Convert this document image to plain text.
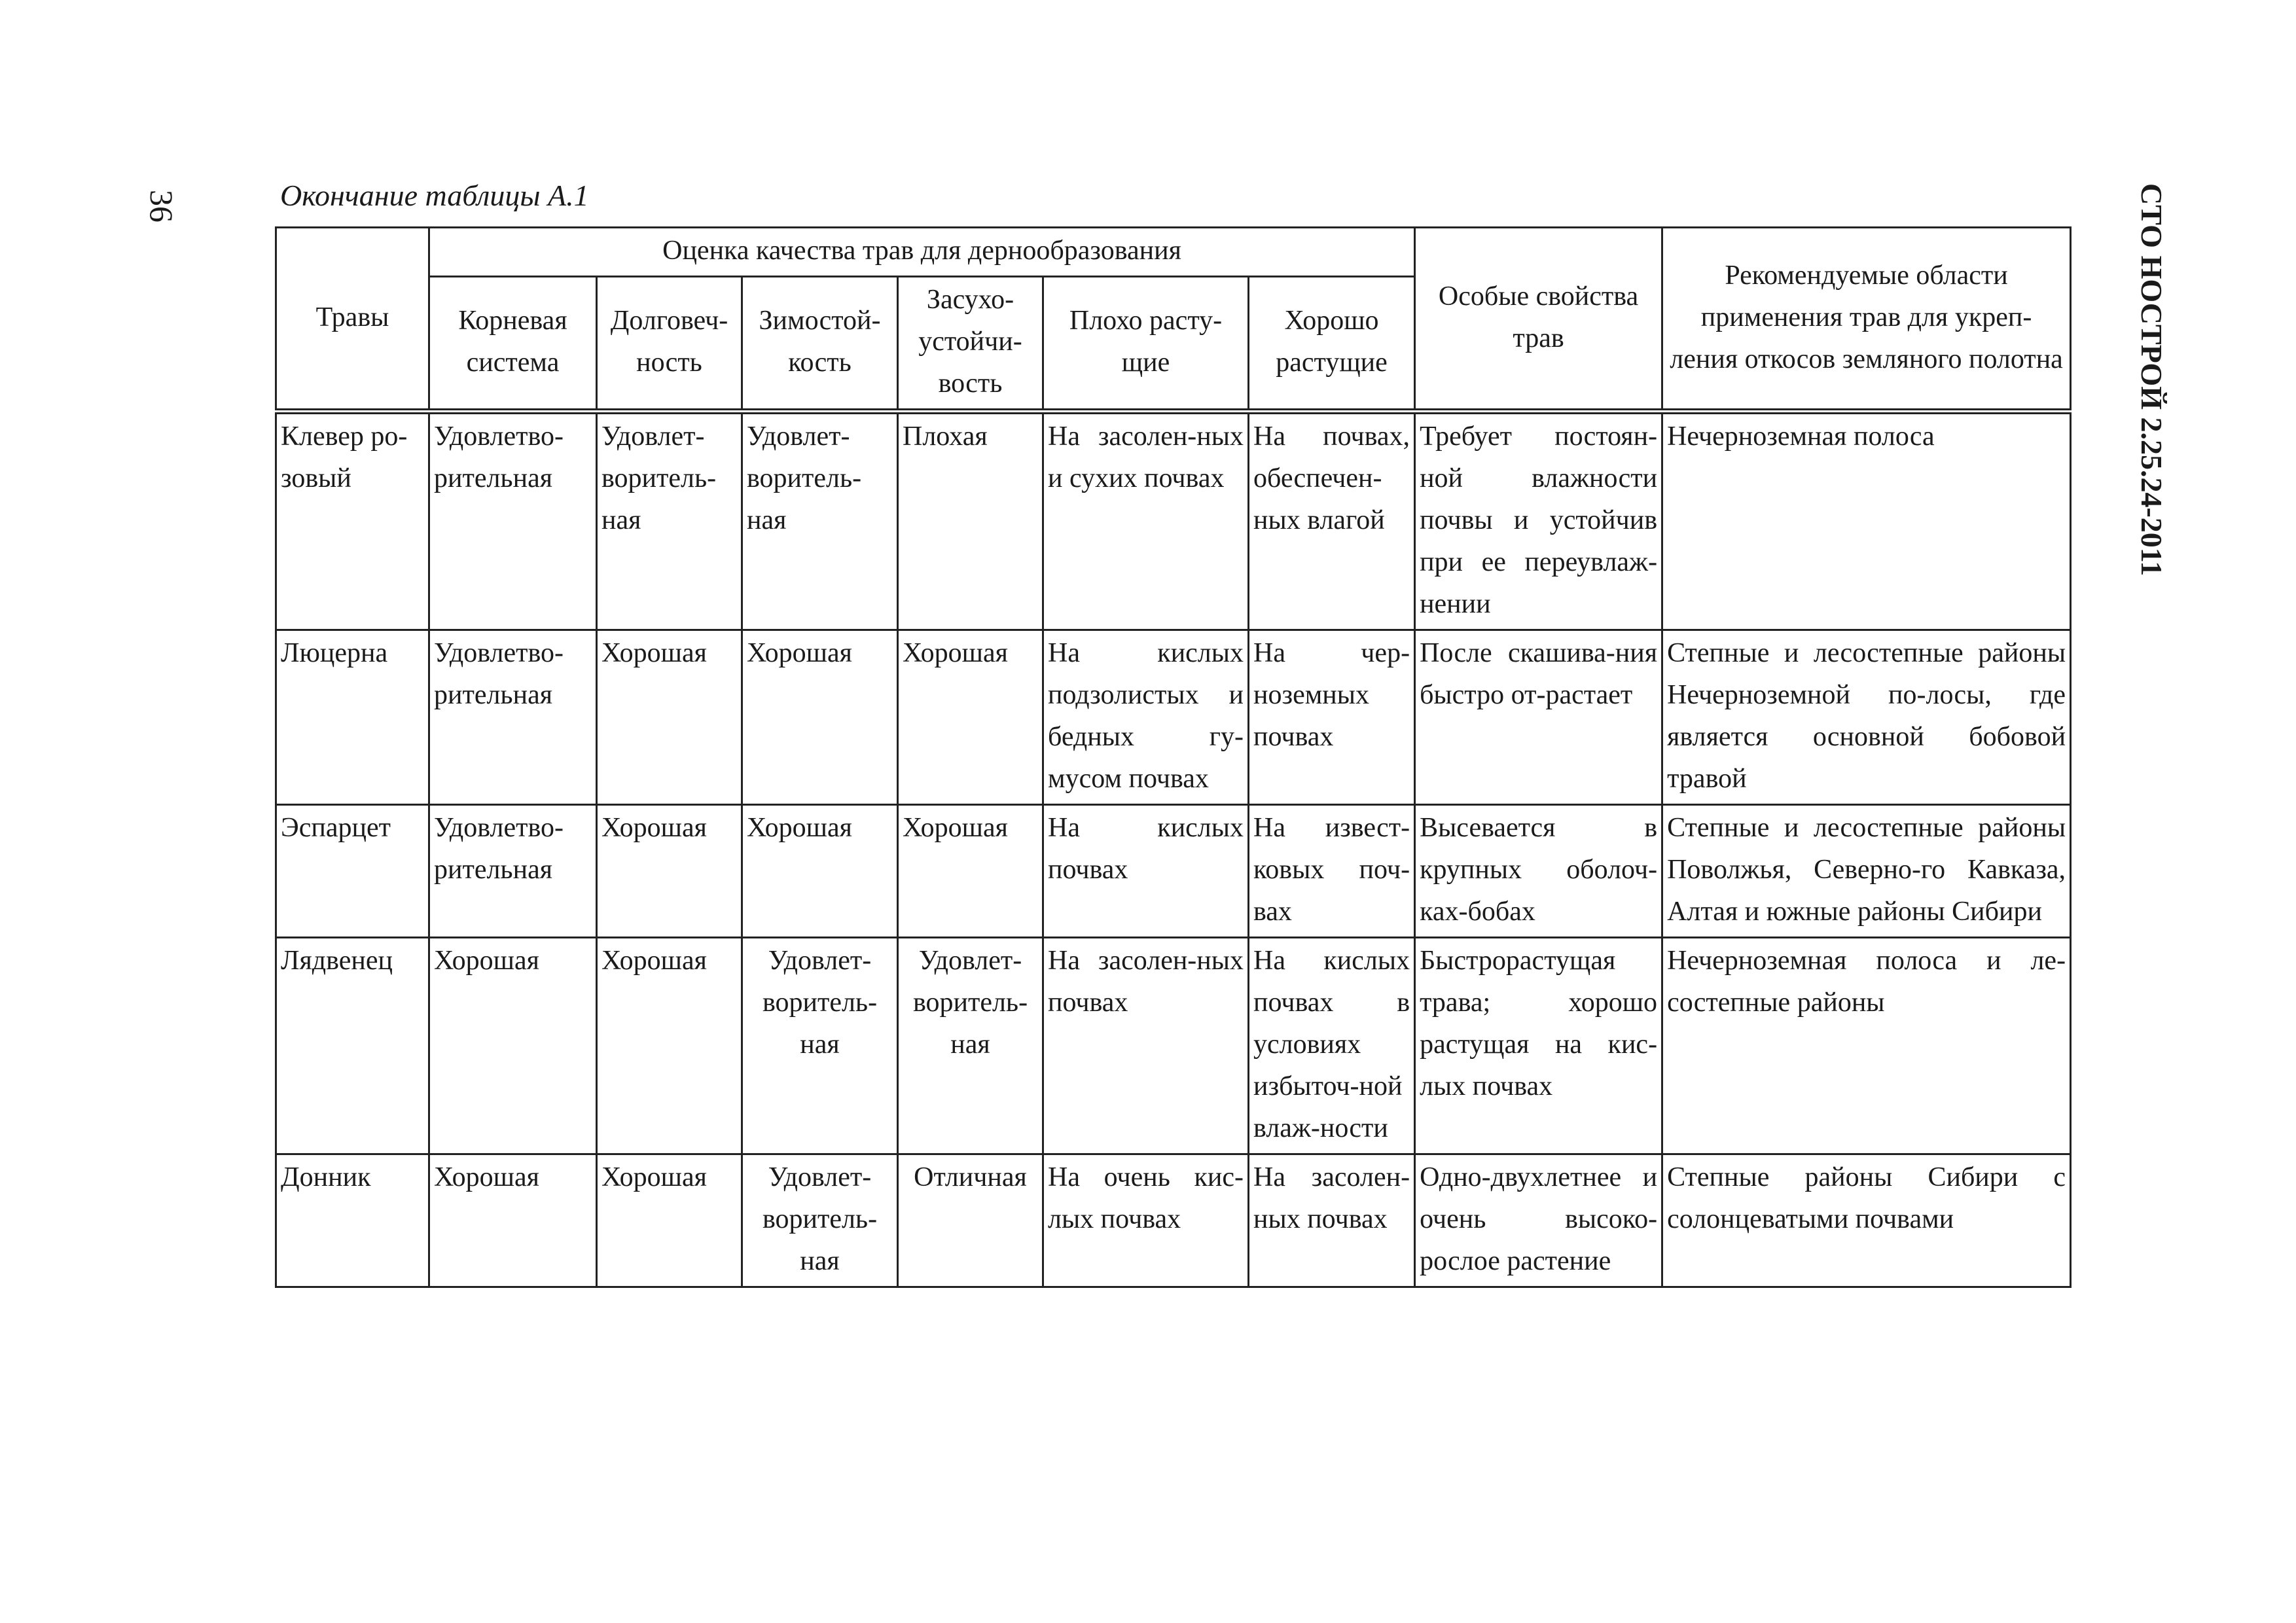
36	СТО НОСТРОЙ 2.25.24-2011
Окончание таблицы А.1
Травы	Оценка качества трав для дернообразования						Особые свойства трав	Рекомендуемые области применения трав для укреп-ления откосов земляного полотна
	Корневая система	Долговеч-ность	Зимостой-кость	Засухо-устойчи-вость	Плохо расту-щие	Хорошо растущие		
Клевер ро-зовый	Удовлетво-рительная	Удовлет-воритель-ная	Удовлет-воритель-ная	Плохая	На засолен-ных и сухих почвах	На почвах, обеспечен-ных влагой	Требует постоян-ной влажности почвы и устойчив при ее переувлаж-нении	Нечерноземная полоса
Люцерна	Удовлетво-рительная	Хорошая	Хорошая	Хорошая	На кислых подзолистых и бедных гу-мусом почвах	На чер-ноземных почвах	После скашива-ния быстро от-растает	Степные и лесостепные районы Нечерноземной по-лосы, где является основной бобовой травой
Эспарцет	Удовлетво-рительная	Хорошая	Хорошая	Хорошая	На кислых почвах	На извест-ковых поч-вах	Высевается в крупных оболоч-ках-бобах	Степные и лесостепные районы Поволжья, Северно-го Кавказа, Алтая и южные районы Сибири
Лядвенец	Хорошая	Хорошая	Удовлет-воритель-ная	Удовлет-воритель-ная	На засолен-ных почвах	На кислых почвах в условиях избыточ-ной влаж-ности	Быстрорастущая трава; хорошо растущая на кис-лых почвах	Нечерноземная полоса и ле-состепные районы
Донник	Хорошая	Хорошая	Удовлет-воритель-ная	Отличная	На очень кис-лых почвах	На засолен-ных почвах	Одно-двухлетнее и очень высоко-рослое растение	Степные районы Сибири с солонцеватыми почвами
